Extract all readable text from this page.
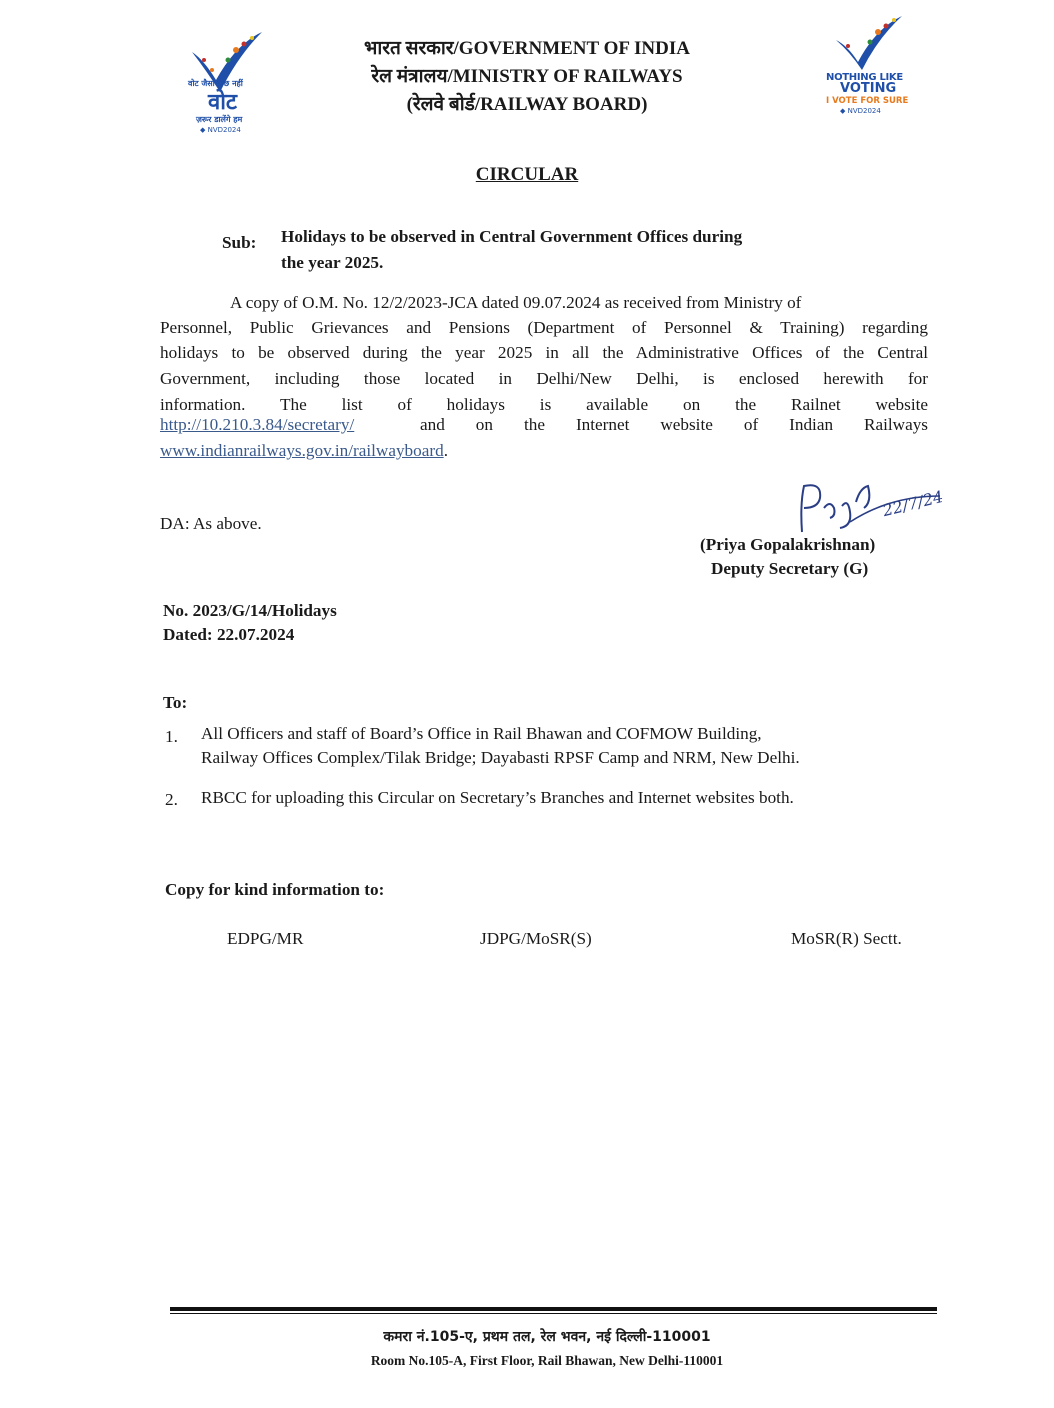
वोट जैसा कुछ नहीं
वोट
ज़रूर डालेंगे हम
◆ NVD2024
NOTHING LIKE
VOTING
I VOTE FOR SURE
◆ NVD2024
भारत सरकार/GOVERNMENT OF INDIA
रेल मंत्रालय/MINISTRY OF RAILWAYS
(रेलवे बोर्ड/RAILWAY BOARD)
CIRCULAR
Sub: Holidays to be observed in Central Government Offices during
the year 2025.
A copy of O.M. No. 12/2/2023-JCA dated 09.07.2024 as received from Ministry of
Personnel, Public Grievances and Pensions (Department of Personnel & Training) regarding
holidays to be observed during the year 2025 in all the Administrative Offices of the Central
Government, including those located in Delhi/New Delhi, is enclosed herewith for
information. The list of holidays is available on the Railnet website
http://10.210.3.84/secretary/	and on the Internet website of Indian Railways
www.indianrailways.gov.in/railwayboard.
DA: As above.
22/7/24
(Priya Gopalakrishnan)
Deputy Secretary (G)
No. 2023/G/14/Holidays
Dated: 22.07.2024
To:
1. All Officers and staff of Board’s Office in Rail Bhawan and COFMOW Building,
Railway Offices Complex/Tilak Bridge; Dayabasti RPSF Camp and NRM, New Delhi.
2. RBCC for uploading this Circular on Secretary’s Branches and Internet websites both.
Copy for kind information to:
EDPG/MR	JDPG/MoSR(S)	MoSR(R) Sectt.
कमरा नं.105-ए, प्रथम तल, रेल भवन, नई दिल्ली-110001
Room No.105-A, First Floor, Rail Bhawan, New Delhi-110001
